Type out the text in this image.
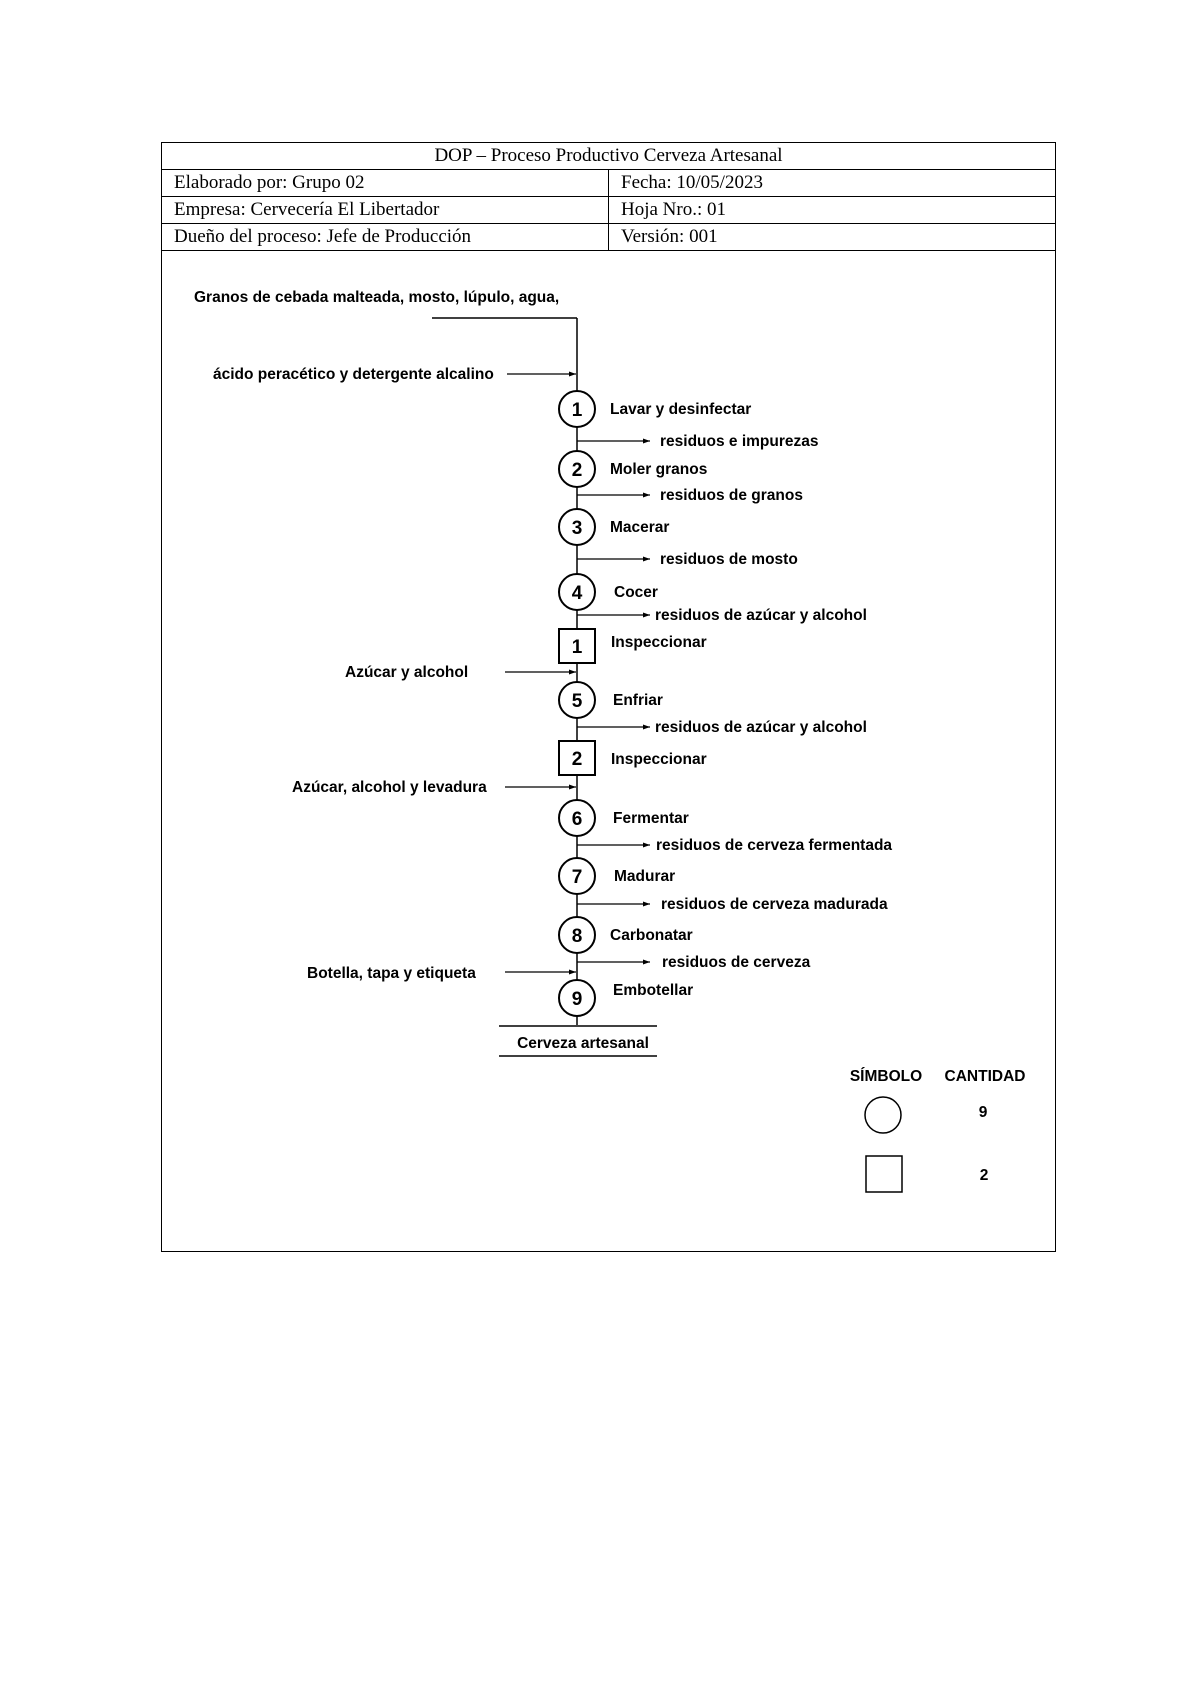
DOP – Proceso Productivo Cerveza Artesanal
Elaborado por: Grupo 02	Fecha: 10/05/2023
Empresa: Cervecería El Libertador	Hoja Nro.: 01
Dueño del proceso: Jefe de Producción	Versión: 001
Granos de cebada malteada, mosto, lúpulo, agua,
ácido peracético y detergente alcalino
Azúcar y alcohol
Azúcar, alcohol y levadura
Botella, tapa y etiqueta
1 Lavar y desinfectar
residuos e impurezas
2 Moler granos
residuos de granos
3 Macerar
residuos de mosto
4 Cocer
residuos de azúcar y alcohol
1 Inspeccionar
5 Enfriar
residuos de azúcar y alcohol
2 Inspeccionar
6 Fermentar
residuos de cerveza fermentada
7 Madurar
residuos de cerveza madurada
8 Carbonatar
residuos de cerveza
9 Embotellar
Cerveza artesanal
SÍMBOLO CANTIDAD
9
2
